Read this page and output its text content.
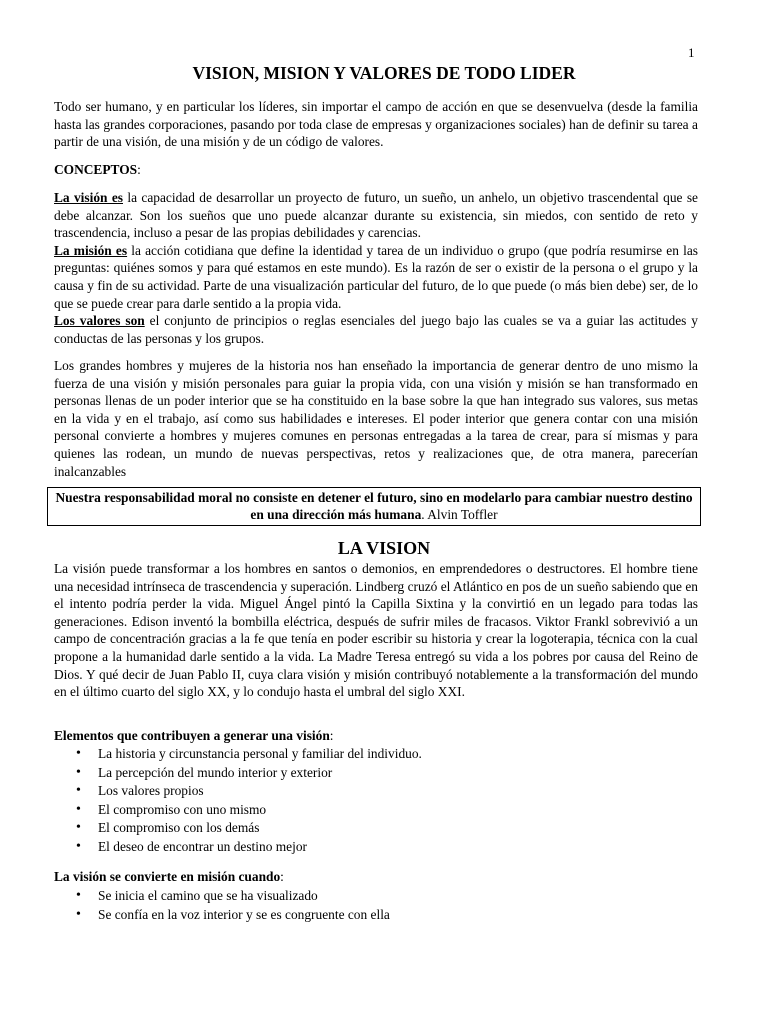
1
VISION, MISION Y VALORES DE TODO LIDER

Todo ser humano, y en particular los líderes, sin importar el campo de acción en que se desenvuelva (desde la familia hasta las grandes corporaciones, pasando por toda clase de empresas y organizaciones sociales) han de definir su tarea a partir de una visión, de una misión y de un código de valores.

CONCEPTOS:

La visión es la capacidad de desarrollar un proyecto de futuro, un sueño, un anhelo, un objetivo trascendental que se debe alcanzar. Son los sueños que uno puede alcanzar durante su existencia, sin miedos, con sentido de reto y trascendencia, incluso a pesar de las propias debilidades y carencias.

La misión es la acción cotidiana que define la identidad y tarea de un individuo o grupo (que podría resumirse en las preguntas: quiénes somos y para qué estamos en este mundo). Es la razón de ser o existir de la persona o el grupo y la causa y fin de su actividad. Parte de una visualización particular del futuro, de lo que puede (o más bien debe) ser, de lo que se puede crear para darle sentido a la propia vida.

Los valores son el conjunto de principios o reglas esenciales del juego bajo las cuales se va a guiar las actitudes y conductas de las personas y los grupos.

Los grandes hombres y mujeres de la historia nos han enseñado la importancia de generar dentro de uno mismo la fuerza de una visión y misión personales para guiar la propia vida, con una visión y misión se han transformado en personas llenas de un poder interior que se ha constituido en la base sobre la que han integrado sus valores, sus metas en la vida y en el trabajo, así como sus habilidades e intereses. El poder interior que genera contar con una misión personal convierte a hombres y mujeres comunes en personas entregadas a la tarea de crear, para sí mismas y para quienes las rodean, un mundo de nuevas perspectivas, retos y realizaciones que, de otra manera, parecerían inalcanzables

Nuestra responsabilidad moral no consiste en detener el futuro, sino en modelarlo para cambiar nuestro destino en una dirección más humana. Alvin Toffler
LA VISION

La visión puede transformar a los hombres en santos o demonios, en emprendedores o destructores. El hombre tiene una necesidad intrínseca de trascendencia y superación. Lindberg cruzó el Atlántico en pos de un sueño sabiendo que en el intento podría perder la vida. Miguel Ángel pintó la Capilla Sixtina y la convirtió en un legado para todas las generaciones. Edison inventó la bombilla eléctrica, después de sufrir miles de fracasos. Viktor Frankl sobrevivió a un campo de concentración gracias a la fe que tenía en poder escribir su historia y crear la logoterapia, técnica con la cual propone a la humanidad darle sentido a la vida. La Madre Teresa entregó su vida a los pobres por causa del Reino de Dios. Y qué decir de Juan Pablo II, cuya clara visión y misión contribuyó notablemente a la transformación del mundo en el último cuarto del siglo XX, y lo condujo hasta el umbral del siglo XXI.

Elementos que contribuyen a generar una visión:
• La historia y circunstancia personal y familiar del individuo.
• La percepción del mundo interior y exterior
• Los valores propios
• El compromiso con uno mismo
• El compromiso con los demás
• El deseo de encontrar un destino mejor
La visión se convierte en misión cuando:
• Se inicia el camino que se ha visualizado
• Se confía en la voz interior y se es congruente con ella
